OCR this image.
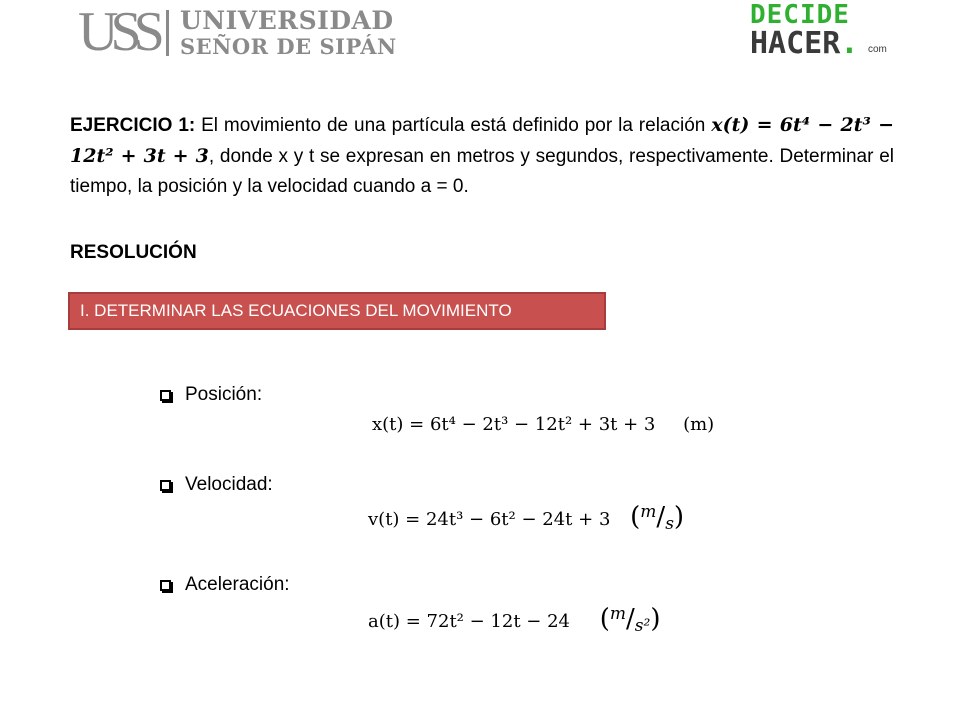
USS UNIVERSIDAD
SEÑOR DE SIPÁN
DECIDE
HACER. com
EJERCICIO 1: El movimiento de una partícula está definido por la relación x(t) = 6t⁴ − 2t³ − 12t² + 3t + 3, donde x y t se expresan en metros y segundos, respectivamente. Determinar el tiempo, la posición y la velocidad cuando a = 0.
RESOLUCIÓN
I. DETERMINAR LAS ECUACIONES DEL MOVIMIENTO
Posición:
x(t) = 6t⁴ − 2t³ − 12t² + 3t + 3 (m)
Velocidad:
v(t) = 24t³ − 6t² − 24t + 3 ($^m$/s)
Aceleración:
a(t) = 72t² − 12t − 24 ($^m$/s²)
